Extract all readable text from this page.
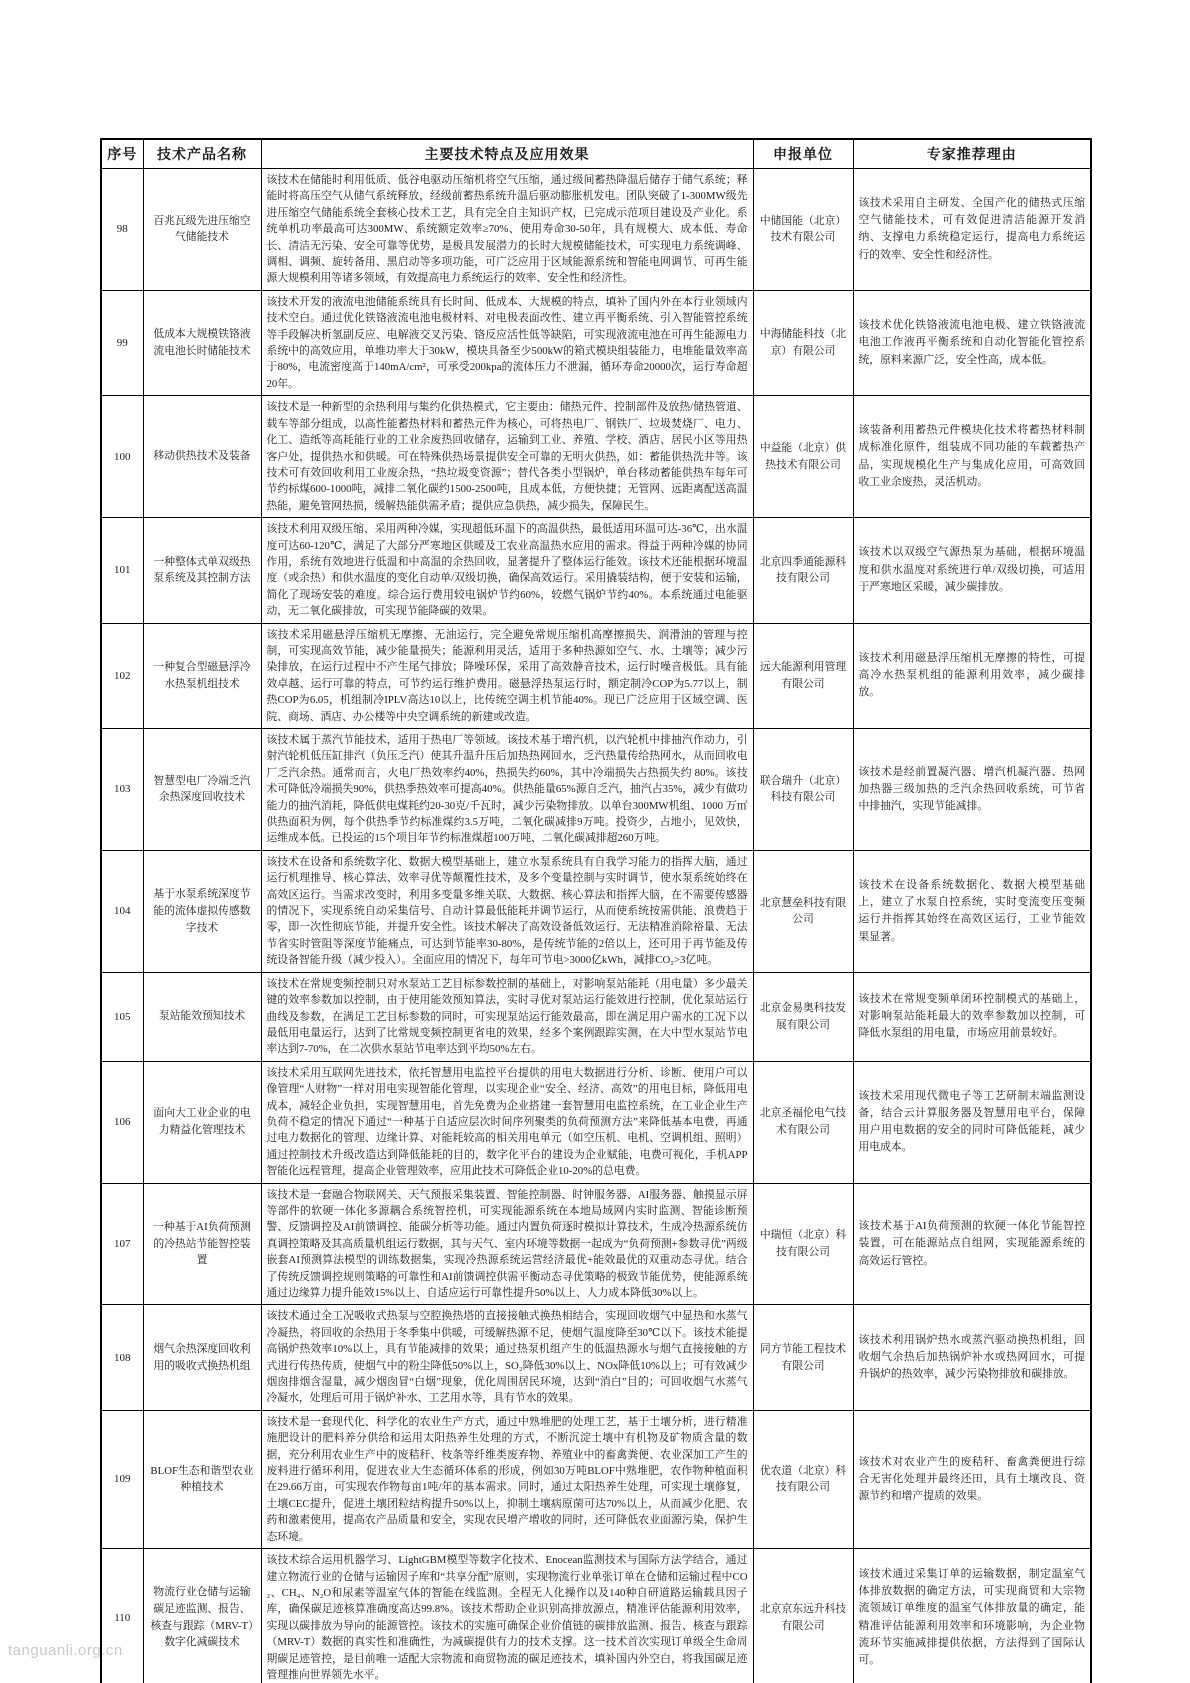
序号	技术产品名称	主要技术特点及应用效果	申报单位	专家推荐理由
98	百兆瓦级先进压缩空气储能技术	该技术在储能时利用低质、低谷电驱动压缩机将空气压缩，通过级间蓄热降温后储存于储气系统；释能时将高压空气从储气系统释放，经级前蓄热系统升温后驱动膨胀机发电。团队突破了1-300MW级先进压缩空气储能系统全套核心技术工艺，具有完全自主知识产权，已完成示范项目建设及产业化。系统单机功率最高可达300MW、系统额定效率≥70%、使用寿命30-50年，具有规模大、成本低、寿命长、清洁无污染、安全可靠等优势，是极具发展潜力的长时大规模储能技术，可实现电力系统调峰、调相、调频、旋转备用、黑启动等多项功能，可广泛应用于区域能源系统和智能电网调节、可再生能源大规模利用等诸多领域，有效提高电力系统运行的效率、安全性和经济性。	中储国能（北京）技术有限公司	该技术采用自主研发、全国产化的储热式压缩空气储能技术，可有效促进清洁能源开发消纳、支撑电力系统稳定运行，提高电力系统运行的效率、安全性和经济性。
99	低成本大规模铁铬液流电池长时储能技术	该技术开发的液流电池储能系统具有长时间、低成本、大规模的特点，填补了国内外在本行业领域内技术空白。通过优化铁铬液流电池电极材料、对电极表面改性、建立再平衡系统、引入智能管控系统等手段解决析氢副反应、电解液交叉污染、铬反应活性低等缺陷，可实现液流电池在可再生能源电力系统中的高效应用，单堆功率大于30kW，模块具备至少500kW的箱式模块组装能力，电堆能量效率高于80%，电流密度高于140mA/cm²，可承受200kpa的流体压力不泄漏，循环寿命20000次，运行寿命超20年。	中海储能科技（北京）有限公司	该技术优化铁铬液流电池电极、建立铁铬液流电池工作液再平衡系统和自动化智能化管控系统，原料来源广泛，安全性高，成本低。
100	移动供热技术及装备	该技术是一种新型的余热利用与集约化供热模式，它主要由：储热元件、控制部件及放热/储热管道、载车等部分组成，以高性能蓄热材料和蓄热元件为核心，可将热电厂、钢铁厂、垃圾焚烧厂、电力、化工、造纸等高耗能行业的工业余废热回收储存，运输到工业、养殖、学校、酒店、居民小区等用热客户处，提供热水和供暖。可在特殊供热场景提供安全可靠的无明火供热，如：蓄能供热洗井等。该技术可有效回收利用工业废余热，“热垃圾变资源”；替代各类小型锅炉，单台移动蓄能供热车每年可节约标煤600-1000吨，减排二氧化碳约1500-2500吨，且成本低，方便快捷；无管网、远距离配送高温热能，避免管网热损，缓解热能供需矛盾；提供应急供热，减少损失，保障民生。	中益能（北京）供热技术有限公司	该装备利用蓄热元件模块化技术将蓄热材料制成标准化原件，组装成不同功能的车载蓄热产品，实现规模化生产与集成化应用，可高效回收工业余废热，灵活机动。
101	一种整体式单双级热泵系统及其控制方法	该技术利用双级压缩、采用两种冷媒，实现超低环温下的高温供热，最低适用环温可达-36℃，出水温度可达60-120℃，满足了大部分严寒地区供暖及工农业高温热水应用的需求。得益于两种冷媒的协同作用，系统有效地进行低温和中高温的余热回收，显著提升了整体运行能效。该技术还能根据环境温度（或余热）和供水温度的变化自动单/双级切换，确保高效运行。采用撬装结构，便于安装和运输，简化了现场安装的难度。综合运行费用较电锅炉节约60%，较燃气锅炉节约40%。本系统通过电能驱动，无二氧化碳排放，可实现节能降碳的效果。	北京四季通能源科技有限公司	该技术以双级空气源热泵为基础，根据环境温度和供水温度对系统进行单/双级切换，可适用于严寒地区采暖，减少碳排放。
102	一种复合型磁悬浮冷水热泵机组技术	该技术采用磁悬浮压缩机无摩擦、无油运行，完全避免常规压缩机高摩擦损失、润滑油的管理与控制，可实现高效节能，减少能量损失；能源利用灵活，适用于多种热源如空气、水、土壤等；减少污染排放，在运行过程中不产生尾气排放；降噪环保，采用了高效静音技术，运行时噪音极低。具有能效卓越、运行可靠的特点，可节约运行维护费用。磁悬浮热泵运行时，额定制冷COP为5.77以上，制热COP为6.05，机组制冷IPLV高达10以上，比传统空调主机节能40%。现已广泛应用于区域空调、医院、商场、酒店、办公楼等中央空调系统的新建或改造。	远大能源利用管理有限公司	该技术利用磁悬浮压缩机无摩擦的特性，可提高冷水热泵机组的能源利用效率，减少碳排放。
103	智慧型电厂冷端乏汽余热深度回收技术	该技术属于蒸汽节能技术，适用于热电厂等领域。该技术基于增汽机，以汽轮机中排抽汽作动力，引射汽轮机低压缸排汽（负压乏汽）使其升温升压后加热热网回水，乏汽热量传给热网水，从而回收电厂乏汽余热。通常而言，火电厂热效率约40%，热损失约60%，其中冷端损失占热损失约 80%。该技术可降低冷端损失90%，供热季热效率可提高40%。供热能量65%源自乏汽，抽汽占35%，减少有做功能力的抽汽消耗，降低供电煤耗约20-30克/千瓦时，减少污染物排放。以单台300MW机组、1000 万㎡供热面积为例，每个供热季节约标准煤约3.5万吨，二氧化碳减排9万吨。投资少，占地小，见效快，运维成本低。已投运的15个项目年节约标准煤超100万吨、二氧化碳减排超260万吨。	联合瑞升（北京）科技有限公司	该技术是经前置凝汽器、增汽机凝汽器、热网加热器三级加热的乏汽余热回收系统，可节省中排抽汽，实现节能减排。
104	基于水泵系统深度节能的流体虚拟传感数字技术	该技术在设备和系统数字化、数据大模型基础上，建立水泵系统具有自我学习能力的指挥大脑，通过运行机理推导、核心算法、效率寻优等颠覆性技术，及多个变量控制与实时调节，使水泵系统始终在高效区运行。当需求改变时，利用多变量多维关联、大数据、核心算法和指挥大脑，在不需要传感器的情况下，实现系统自动采集信号、自动计算最低能耗并调节运行，从而使系统按需供能、浪费趋于零，即一次性彻底节能，并提升安全性。该技术解决了高效设备低效运行、无法精准消除裕量、无法节省实时管阻等深度节能痛点，可达到节能率30-80%，是传统节能的2倍以上，还可用于再节能及传统设备智能升级（减少投入）。全面应用的情况下，每年可节电>3000亿kWh，减排CO₂>3亿吨。	北京慧垒科技有限公司	该技术在设备系统数据化、数据大模型基础上，建立了水泵自控系统，实时变流变压变频运行并指挥其始终在高效区运行，工业节能效果显著。
105	泵站能效预知技术	该技术在常规变频控制只对水泵站工艺目标参数控制的基础上，对影响泵站能耗（用电量）多少最关键的效率参数加以控制，由于使用能效预知算法，实时寻优对泵站运行能效进行控制，优化泵站运行曲线及参数，在满足工艺目标参数的同时，可实现泵站运行能效最高，即在满足用户需水的工况下以最低用电量运行，达到了比常规变频控制更省电的效果，经多个案例跟踪实测，在大中型水泵站节电率达到7-70%，在二次供水泵站节电率达到平均50%左右。	北京金易奥科技发展有限公司	该技术在常规变频单闭环控制模式的基础上，对影响泵站能耗最大的效率参数加以控制，可降低水泵组的用电量，市场应用前景较好。
106	面向大工业企业的电力精益化管理技术	该技术采用互联网先进技术，依托智慧用电监控平台提供的用电大数据进行分析、诊断、使用户可以像管理“人财物”一样对用电实现智能化管理，以实现企业“安全、经济、高效”的用电目标，降低用电成本，减轻企业负担，实现智慧用电，首先免费为企业搭建一套智慧用电监控系统，在工业企业生产负荷不稳定的情况下通过“一种基于自适应层次时间序列聚类的负荷预测方法”来降低基本电费，再通过电力数据化的管理、边缘计算、对能耗较高的相关用电单元（如空压机、电机、空调机组、照明）通过控制技术升级改造达到降低能耗的目的，数字化平台的建设为企业赋能，电费可视化，手机APP智能化远程管理，提高企业管理效率，应用此技术可降低企业10-20%的总电费。	北京圣福伦电气技术有限公司	该技术采用现代微电子等工艺研制末端监测设备，结合云计算服务器及智慧用电平台，保障用户用电数据的安全的同时可降低能耗，减少用电成本。
107	一种基于AI负荷预测的冷热站节能智控装置	该技术是一套融合物联网关、天气预报采集装置、智能控制器、时钟服务器、AI服务器、触摸显示屏等部件的软硬一体化多源耦合系统智控机，可实现能源系统在本地局域网内实时监测、智能诊断预警、反馈调控及AI前馈调控、能碳分析等功能。通过内置负荷逐时模拟计算技术，生成冷热源系统仿真调控策略及其高质量机组运行数据，其与天气、室内环境等数据一起成为“负荷预测+参数寻优”两级嵌套AI预测算法模型的训练数据集，实现冷热源系统运营经济最优+能效最优的双重动态寻优。结合了传统反馈调控规则策略的可靠性和AI前馈调控供需平衡动态寻优策略的极致节能优势，使能源系统通过边缘算力提升能效15%以上、自适应运行可靠性提升50%以上、人力成本降低30%以上。	中瑞恒（北京）科技有限公司	该技术基于AI负荷预测的软硬一体化节能智控装置，可在能源站点自组网，实现能源系统的高效运行管控。
108	烟气余热深度回收利用的吸收式换热机组	该技术通过全工况吸收式热泵与空腔换热塔的直接接触式换热相结合，实现回收烟气中显热和水蒸气冷凝热，将回收的余热用于冬季集中供暖，可缓解热源不足，使烟气温度降至30℃以下。该技术能提高锅炉热效率10%以上，具有节能减排的效果；通过热泵机组产生的低温热源水与烟气直接接触的方式进行传热传质，使烟气中的粉尘降低50%以上，SO₂降低30%以上、NOx降低10%以上；可有效减少烟囱排烟含湿量，减少烟囱冒“白烟”现象，优化周围居民环境，达到“消白”目的；可回收烟气水蒸气冷凝水，处理后可用于锅炉补水、工艺用水等，具有节水的效果。	同方节能工程技术有限公司	该技术利用锅炉热水或蒸汽驱动换热机组，回收烟气余热后加热锅炉补水或热网回水，可提升锅炉的热效率，减少污染物排放和碳排放。
109	BLOF生态和谐型农业种植技术	该技术是一套现代化、科学化的农业生产方式，通过中熟堆肥的处理工艺，基于土壤分析，进行精准施肥设计的肥料养分供给和运用太阳热养生处理的方式，不断沉淀土壤中有机物及矿物质含量的数据，充分利用农业生产中的废秸秆、枝条等纤维类废弃物、养殖业中的畜禽粪便、农业深加工产生的废料进行循环利用，促进农业大生态循环体系的形成，例如30万吨BLOF中熟堆肥，农作物种植面积在29.66万亩，可实现农作物每亩1吨/年的基本需求。同时，通过太阳热养生处理，可实现土壤修复，土壤CEC提升，促进土壤团粒结构提升50%以上，抑制土壤病原菌可达70%以上，从而减少化肥、农药和激素使用，提高农产品质量和安全，实现农民增产增收的同时，还可降低农业面源污染，保护生态环境。	优农道（北京）科技有限公司	该技术对农业产生的废秸秆、畜禽粪便进行综合无害化处理并最终还田，具有土壤改良、资源节约和增产提质的效果。
110	物流行业仓储与运输碳足迹监测、报告、核查与跟踪（MRV-T）数字化减碳技术	该技术综合运用机器学习、LightGBM模型等数字化技术、Enocean监测技术与国际方法学结合，通过建立物流行业的仓储与运输因子库和“共享分配”原则，实现物流行业单张订单在仓储和运输过程中CO₂、CH₄、N₂O和尿素等温室气体的智能在线监测。全程无人化操作以及140种自研道路运输载具因子库，确保碳足迹核算准确度高达99.8%。该技术帮助企业识别高排放源点，精准评估能源利用效率，实现以碳排放为导向的能源管控。该技术的实施可确保企业价值链的碳排放监测、报告、核查与跟踪（MRV-T）数据的真实性和准确性，为减碳提供有力的技术支撑。这一技术首次实现订单级全生命周期碳足迹管控，是目前唯一适配大宗物流和商贸物流的碳足迹技术，填补国内外空白，将我国碳足迹管理推向世界领先水平。	北京京东远升科技有限公司	该技术通过采集订单的运输数据，制定温室气体排放数据的确定方法，可实现商贸和大宗物流领域订单维度的温室气体排放量的确定，能精准评估能源利用效率和环境影响，为企业物流环节实施减排提供依据，方法得到了国际认可。
tanguanli.org.cn
